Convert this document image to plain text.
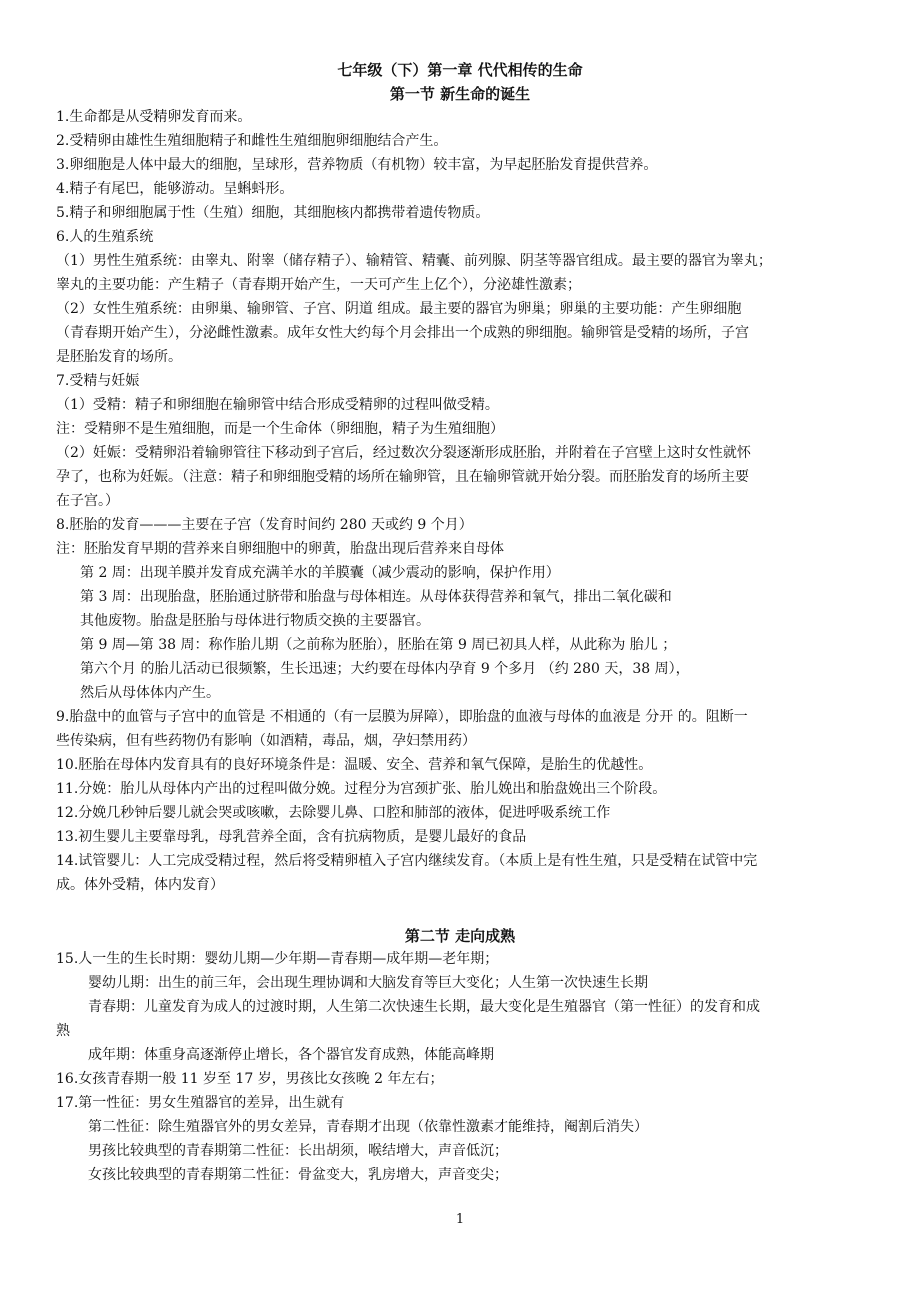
七年级（下）第一章 代代相传的生命
第一节 新生命的诞生
1.生命都是从受精卵发育而来。
2.受精卵由雄性生殖细胞精子和雌性生殖细胞卵细胞结合产生。
3.卵细胞是人体中最大的细胞，呈球形，营养物质（有机物）较丰富，为早起胚胎发育提供营养。
4.精子有尾巴，能够游动。呈蝌蚪形。
5.精子和卵细胞属于性（生殖）细胞，其细胞核内都携带着遗传物质。
6.人的生殖系统
（1）男性生殖系统：由睾丸、附睾（储存精子）、输精管、精囊、前列腺、阴茎等器官组成。最主要的器官为睾丸；
睾丸的主要功能：产生精子（青春期开始产生，一天可产生上亿个），分泌雄性激素；
（2）女性生殖系统：由卵巢、输卵管、子宫、阴道 组成。最主要的器官为卵巢；卵巢的主要功能：产生卵细胞
（青春期开始产生），分泌雌性激素。成年女性大约每个月会排出一个成熟的卵细胞。输卵管是受精的场所，子宫
是胚胎发育的场所。
7.受精与妊娠
（1）受精：精子和卵细胞在输卵管中结合形成受精卵的过程叫做受精。
注：受精卵不是生殖细胞，而是一个生命体（卵细胞，精子为生殖细胞）
（2）妊娠：受精卵沿着输卵管往下移动到子宫后，经过数次分裂逐渐形成胚胎，并附着在子宫壁上这时女性就怀
孕了，也称为妊娠。（注意：精子和卵细胞受精的场所在输卵管，且在输卵管就开始分裂。而胚胎发育的场所主要
在子宫。）
8.胚胎的发育———主要在子宫（发育时间约 280 天或约 9 个月）
注：胚胎发育早期的营养来自卵细胞中的卵黄，胎盘出现后营养来自母体
第 2 周：出现羊膜并发育成充满羊水的羊膜囊（减少震动的影响，保护作用）
第 3 周：出现胎盘，胚胎通过脐带和胎盘与母体相连。从母体获得营养和氧气，排出二氧化碳和
其他废物。胎盘是胚胎与母体进行物质交换的主要器官。
第 9 周—第 38 周：称作胎儿期（之前称为胚胎），胚胎在第 9 周已初具人样，从此称为 胎儿 ；
第六个月 的胎儿活动已很频繁，生长迅速；大约要在母体内孕育 9 个多月 （约 280 天，38 周），
然后从母体体内产生。
9.胎盘中的血管与子宫中的血管是 不相通的（有一层膜为屏障），即胎盘的血液与母体的血液是 分开 的。阻断一
些传染病，但有些药物仍有影响（如酒精，毒品，烟，孕妇禁用药）
10.胚胎在母体内发育具有的良好环境条件是：温暖、安全、营养和氧气保障，是胎生的优越性。
11.分娩：胎儿从母体内产出的过程叫做分娩。过程分为宫颈扩张、胎儿娩出和胎盘娩出三个阶段。
12.分娩几秒钟后婴儿就会哭或咳嗽，去除婴儿鼻、口腔和肺部的液体，促进呼吸系统工作
13.初生婴儿主要靠母乳，母乳营养全面，含有抗病物质，是婴儿最好的食品
14.试管婴儿：人工完成受精过程，然后将受精卵植入子宫内继续发育。（本质上是有性生殖，只是受精在试管中完
成。体外受精，体内发育）
第二节 走向成熟
15.人一生的生长时期：婴幼儿期—少年期—青春期—成年期—老年期；
婴幼儿期：出生的前三年，会出现生理协调和大脑发育等巨大变化；人生第一次快速生长期
青春期：儿童发育为成人的过渡时期，人生第二次快速生长期，最大变化是生殖器官（第一性征）的发育和成
熟
成年期：体重身高逐渐停止增长，各个器官发育成熟，体能高峰期
16.女孩青春期一般 11 岁至 17 岁，男孩比女孩晚 2 年左右；
17.第一性征：男女生殖器官的差异，出生就有
第二性征：除生殖器官外的男女差异，青春期才出现（依靠性激素才能维持，阉割后消失）
男孩比较典型的青春期第二性征：长出胡须，喉结增大，声音低沉；
女孩比较典型的青春期第二性征：骨盆变大，乳房增大，声音变尖；
1
